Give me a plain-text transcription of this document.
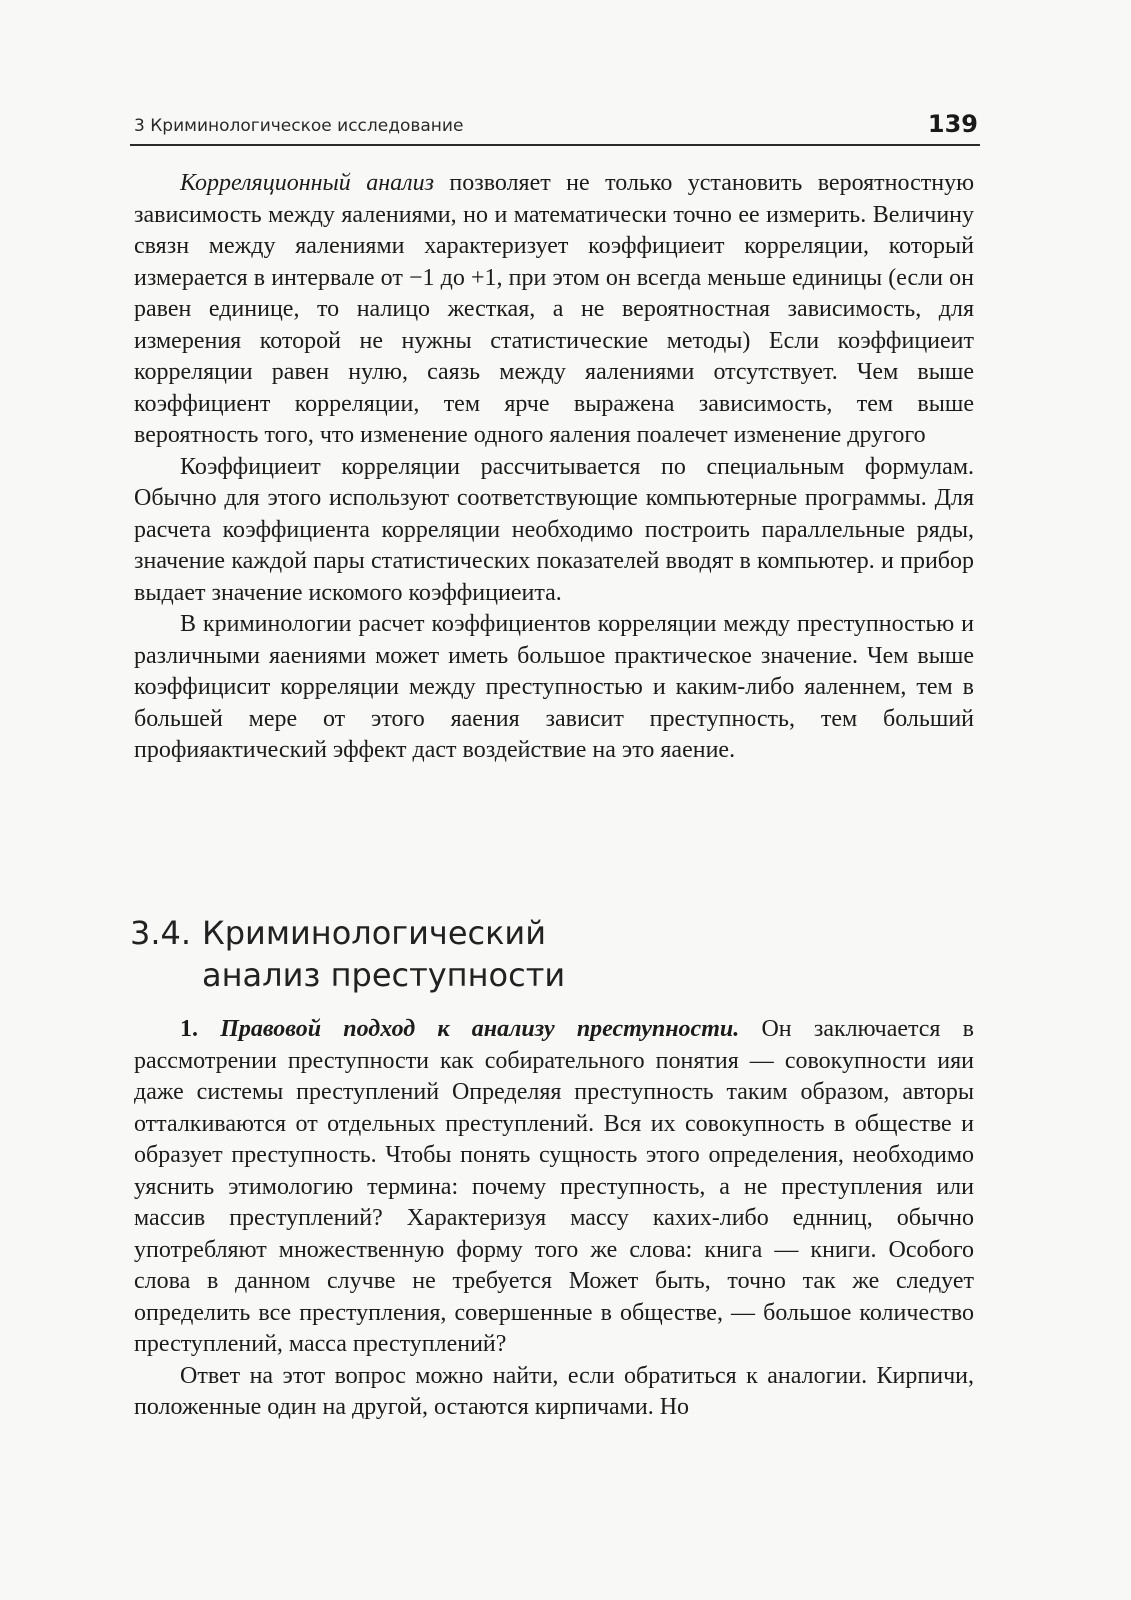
3 Криминологическое исследование	139

Корреляционный анализ позволяет не только установить вероятностную зависимость между яалениями, но и математически точно ее измерить. Величину связн между яалениями характеризует коэффициеит корреляции, который измерается в интервале от −1 до +1, при этом он всегда меньше единицы (если он равен единице, то налицо жесткая, а не вероятностная зависимость, для измерения которой не нужны статистические методы) Если коэффициеит корреляции равен нулю, саязь между яалениями отсутствует. Чем выше коэффициент корреляции, тем ярче выражена зависимость, тем выше вероятность того, что изменение одного яаления поалечет изменение другого

Коэффициеит корреляции рассчитывается по специальным формулам. Обычно для этого используют соответствующие компьютерные программы. Для расчета коэффициента корреляции необходимо построить параллельные ряды, значение каждой пары статистических показателей вводят в компьютер. и прибор выдает значение искомого коэффициеита.

В криминологии расчет коэффициентов корреляции между преступностью и различными яаениями может иметь большое практическое значение. Чем выше коэффицисит корреляции между преступностью и каким-либо яаленнем, тем в большей мере от этого яаения зависит преступность, тем больший профияактический эффект даст воздействие на это яаение.

3.4. Криминологический
анализ преступности

1. Правовой подход к анализу преступности. Он заключается в рассмотрении преступности как собирательного понятия — совокупности ияи даже системы преступлений Определяя преступность таким образом, авторы отталкиваются от отдельных преступлений. Вся их совокупность в обществе и образует преступность. Чтобы понять сущность этого определения, необходимо уяснить этимологию термина: почему преступность, а не преступления или массив преступлений? Характеризуя массу кахих-либо еднниц, обычно употребляют множественную форму того же слова: книга — книги. Особого слова в данном случве не требуется Может быть, точно так же следует определить все преступления, совершенные в обществе, — большое количество преступлений, масса преступлений?

Ответ на этот вопрос можно найти, если обратиться к аналогии. Кирпичи, положенные один на другой, остаются кирпичами. Но
